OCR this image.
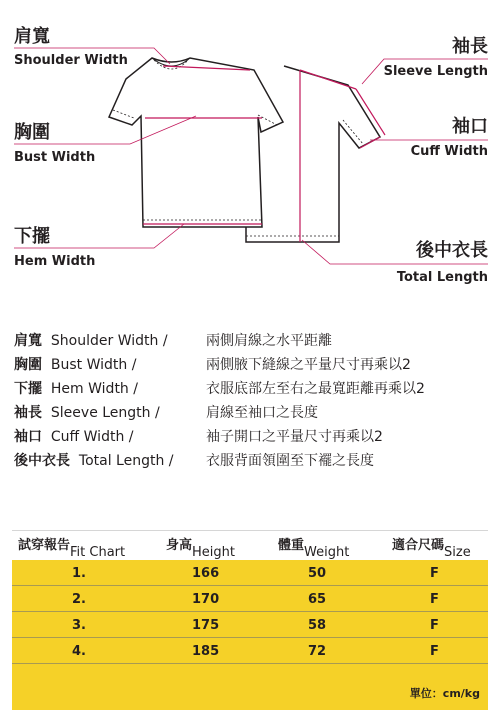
肩寬
Shoulder Width
胸圍
Bust Width
下擺
Hem Width
袖長
Sleeve Length
袖口
Cuff Width
後中衣長
Total Length
肩寬 Shoulder Width /	兩側肩線之水平距離
胸圍 Bust Width /	兩側腋下縫線之平量尺寸再乘以2
下擺 Hem Width /	衣服底部左至右之最寬距離再乘以2
袖長 Sleeve Length /	肩線至袖口之長度
袖口 Cuff Width /	袖子開口之平量尺寸再乘以2
後中衣長 Total Length / 衣服背面領圍至下襬之長度
試穿報告 Fit Chart	身高 Height	體重 Weight	適合尺碼 Size
1.	166	50	F
2.	170	65	F
3.	175	58	F
4.	185	72	F
單位：cm/kg
